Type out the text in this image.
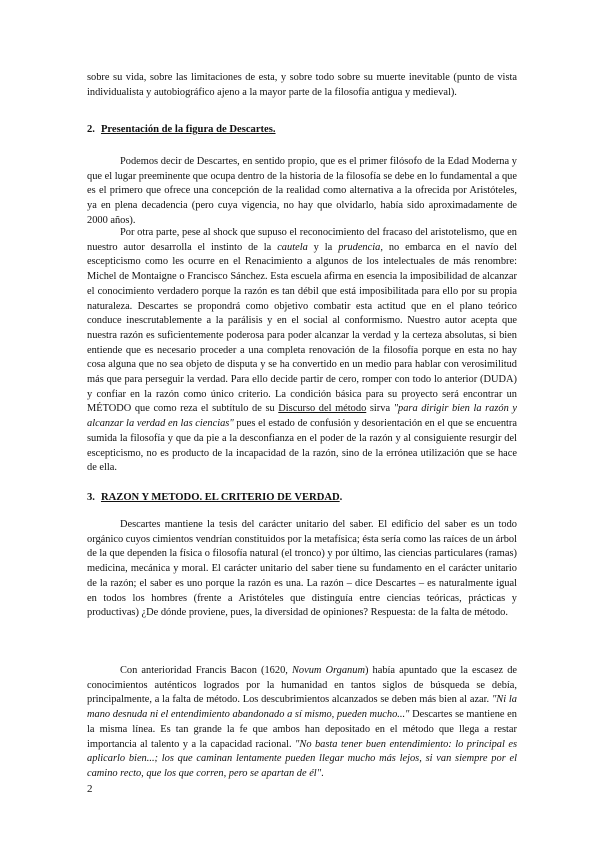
sobre su vida, sobre las limitaciones de esta, y sobre todo sobre su muerte inevitable (punto de vista individualista y autobiográfico ajeno a la mayor parte de la filosofía antigua y medieval).

2. Presentación de la figura de Descartes.

Podemos decir de Descartes, en sentido propio, que es el primer filósofo de la Edad Moderna y que el lugar preeminente que ocupa dentro de la historia de la filosofía se debe en lo fundamental a que es el primero que ofrece una concepción de la realidad como alternativa a la ofrecida por Aristóteles, ya en plena decadencia (pero cuya vigencia, no hay que olvidarlo, había sido aproximadamente de 2000 años).

Por otra parte, pese al shock que supuso el reconocimiento del fracaso del aristotelismo, que en nuestro autor desarrolla el instinto de la cautela y la prudencia, no embarca en el navío del escepticismo como les ocurre en el Renacimiento a algunos de los intelectuales de más renombre: Michel de Montaigne o Francisco Sánchez. Esta escuela afirma en esencia la imposibilidad de alcanzar el conocimiento verdadero porque la razón es tan débil que está imposibilitada para ello por su propia naturaleza. Descartes se propondrá como objetivo combatir esta actitud que en el plano teórico conduce inescrutablemente a la parálisis y en el social al conformismo. Nuestro autor acepta que nuestra razón es suficientemente poderosa para poder alcanzar la verdad y la certeza absolutas, si bien entiende que es necesario proceder a una completa renovación de la filosofía porque en esta no hay cosa alguna que no sea objeto de disputa y se ha convertido en un medio para hablar con verosimilitud más que para perseguir la verdad. Para ello decide partir de cero, romper con todo lo anterior (DUDA) y confiar en la razón como único criterio. La condición básica para su proyecto será encontrar un MÉTODO que como reza el subtítulo de su Discurso del método sirva "para dirigir bien la razón y alcanzar la verdad en las ciencias" pues el estado de confusión y desorientación en el que se encuentra sumida la filosofía y que da pie a la desconfianza en el poder de la razón y al consiguiente resurgir del escepticismo, no es producto de la incapacidad de la razón, sino de la errónea utilización que se hace de ella.

3. RAZON Y METODO. EL CRITERIO DE VERDAD.

Descartes mantiene la tesis del carácter unitario del saber. El edificio del saber es un todo orgánico cuyos cimientos vendrían constituidos por la metafísica; ésta sería como las raíces de un árbol de la que dependen la física o filosofía natural (el tronco) y por último, las ciencias particulares (ramas) medicina, mecánica y moral. El carácter unitario del saber tiene su fundamento en el carácter unitario de la razón; el saber es uno porque la razón es una. La razón – dice Descartes – es naturalmente igual en todos los hombres (frente a Aristóteles que distinguía entre ciencias teóricas, prácticas y productivas) ¿De dónde proviene, pues, la diversidad de opiniones? Respuesta: de la falta de método.

Con anterioridad Francis Bacon (1620, Novum Organum) había apuntado que la escasez de conocimientos auténticos logrados por la humanidad en tantos siglos de búsqueda se debía, principalmente, a la falta de método. Los descubrimientos alcanzados se deben más bien al azar. "Ni la mano desnuda ni el entendimiento abandonado a sí mismo, pueden mucho..." Descartes se mantiene en la misma línea. Es tan grande la fe que ambos han depositado en el método que llega a restar importancia al talento y a la capacidad racional. "No basta tener buen entendimiento: lo principal es aplicarlo bien...; los que caminan lentamente pueden llegar mucho más lejos, si van siempre por el camino recto, que los que corren, pero se apartan de él".

2
